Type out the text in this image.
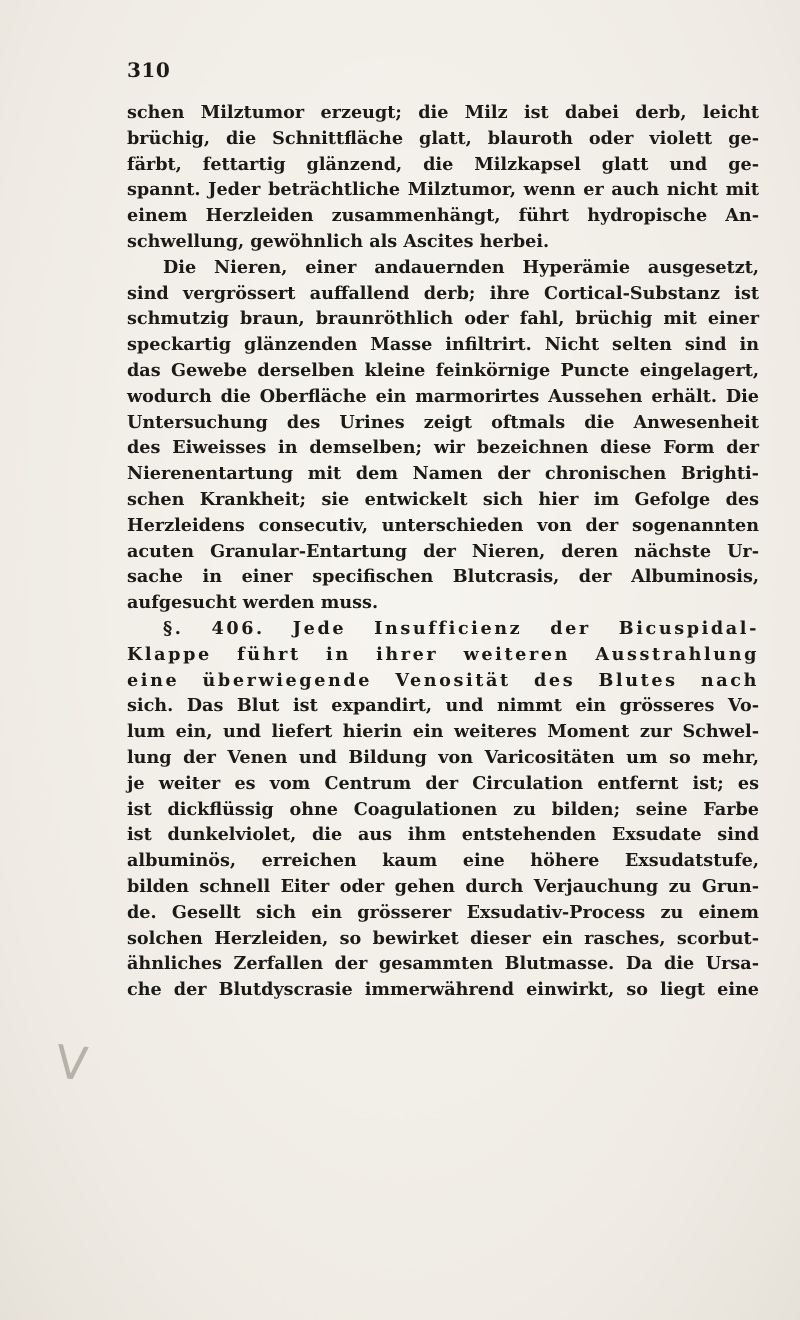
310
V
schen Milztumor erzeugt; die Milz ist dabei derb, leicht
brüchig, die Schnittfläche glatt, blauroth oder violett ge-
färbt, fettartig glänzend, die Milzkapsel glatt und ge-
spannt. Jeder beträchtliche Milztumor, wenn er auch nicht mit
einem Herzleiden zusammenhängt, führt hydropische An-
schwellung, gewöhnlich als Ascites herbei.
Die Nieren, einer andauernden Hyperämie ausgesetzt,
sind vergrössert auffallend derb; ihre Cortical-Substanz ist
schmutzig braun, braunröthlich oder fahl, brüchig mit einer
speckartig glänzenden Masse infiltrirt. Nicht selten sind in
das Gewebe derselben kleine feinkörnige Puncte eingelagert,
wodurch die Oberfläche ein marmorirtes Aussehen erhält. Die
Untersuchung des Urines zeigt oftmals die Anwesenheit
des Eiweisses in demselben; wir bezeichnen diese Form der
Nierenentartung mit dem Namen der chronischen Brighti-
schen Krankheit; sie entwickelt sich hier im Gefolge des
Herzleidens consecutiv, unterschieden von der sogenannten
acuten Granular-Entartung der Nieren, deren nächste Ur-
sache in einer specifischen Blutcrasis, der Albuminosis,
aufgesucht werden muss.
§. 406. Jede Insufficienz der Bicuspidal-
Klappe führt in ihrer weiteren Ausstrahlung
eine überwiegende Venosität des Blutes nach
sich. Das Blut ist expandirt, und nimmt ein grösseres Vo-
lum ein, und liefert hierin ein weiteres Moment zur Schwel-
lung der Venen und Bildung von Varicositäten um so mehr,
je weiter es vom Centrum der Circulation entfernt ist; es
ist dickflüssig ohne Coagulationen zu bilden; seine Farbe
ist dunkelviolet, die aus ihm entstehenden Exsudate sind
albuminös, erreichen kaum eine höhere Exsudatstufe,
bilden schnell Eiter oder gehen durch Verjauchung zu Grun-
de. Gesellt sich ein grösserer Exsudativ-Process zu einem
solchen Herzleiden, so bewirket dieser ein rasches, scorbut-
ähnliches Zerfallen der gesammten Blutmasse. Da die Ursa-
che der Blutdyscrasie immerwährend einwirkt, so liegt eine
